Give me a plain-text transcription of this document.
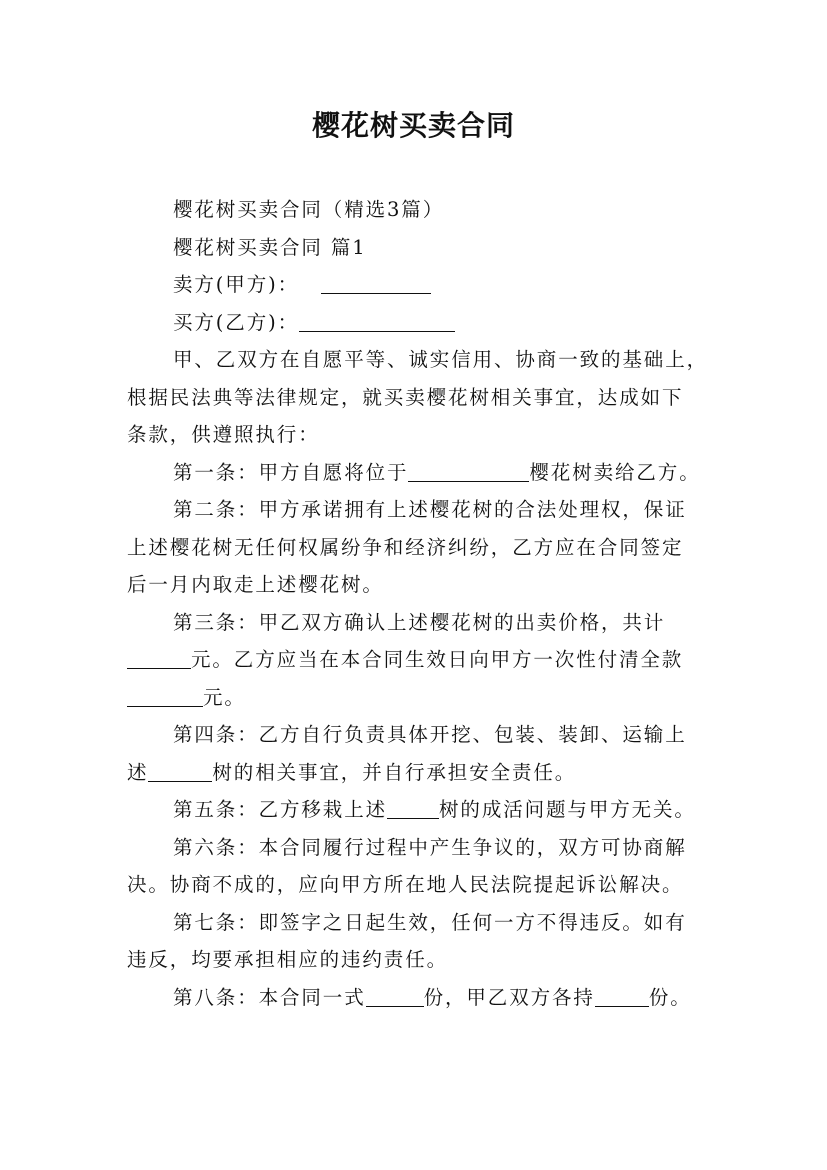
樱花树买卖合同
樱花树买卖合同（精选3篇）
樱花树买卖合同 篇1
卖方(甲方)：
买方(乙方)：
甲、乙双方在自愿平等、诚实信用、协商一致的基础上，
根据民法典等法律规定，就买卖樱花树相关事宜，达成如下
条款，供遵照执行：
第一条：甲方自愿将位于	樱花树卖给乙方。
第二条：甲方承诺拥有上述樱花树的合法处理权，保证
上述樱花树无任何权属纷争和经济纠纷，乙方应在合同签定
后一月内取走上述樱花树。
第三条：甲乙双方确认上述樱花树的出卖价格，共计
元。乙方应当在本合同生效日向甲方一次性付清全款
元。
第四条：乙方自行负责具体开挖、包装、装卸、运输上
述	树的相关事宜，并自行承担安全责任。
第五条：乙方移栽上述	树的成活问题与甲方无关。
第六条：本合同履行过程中产生争议的，双方可协商解
决。协商不成的，应向甲方所在地人民法院提起诉讼解决。
第七条：即签字之日起生效，任何一方不得违反。如有
违反，均要承担相应的违约责任。
第八条：本合同一式	份，甲乙双方各持	份。
